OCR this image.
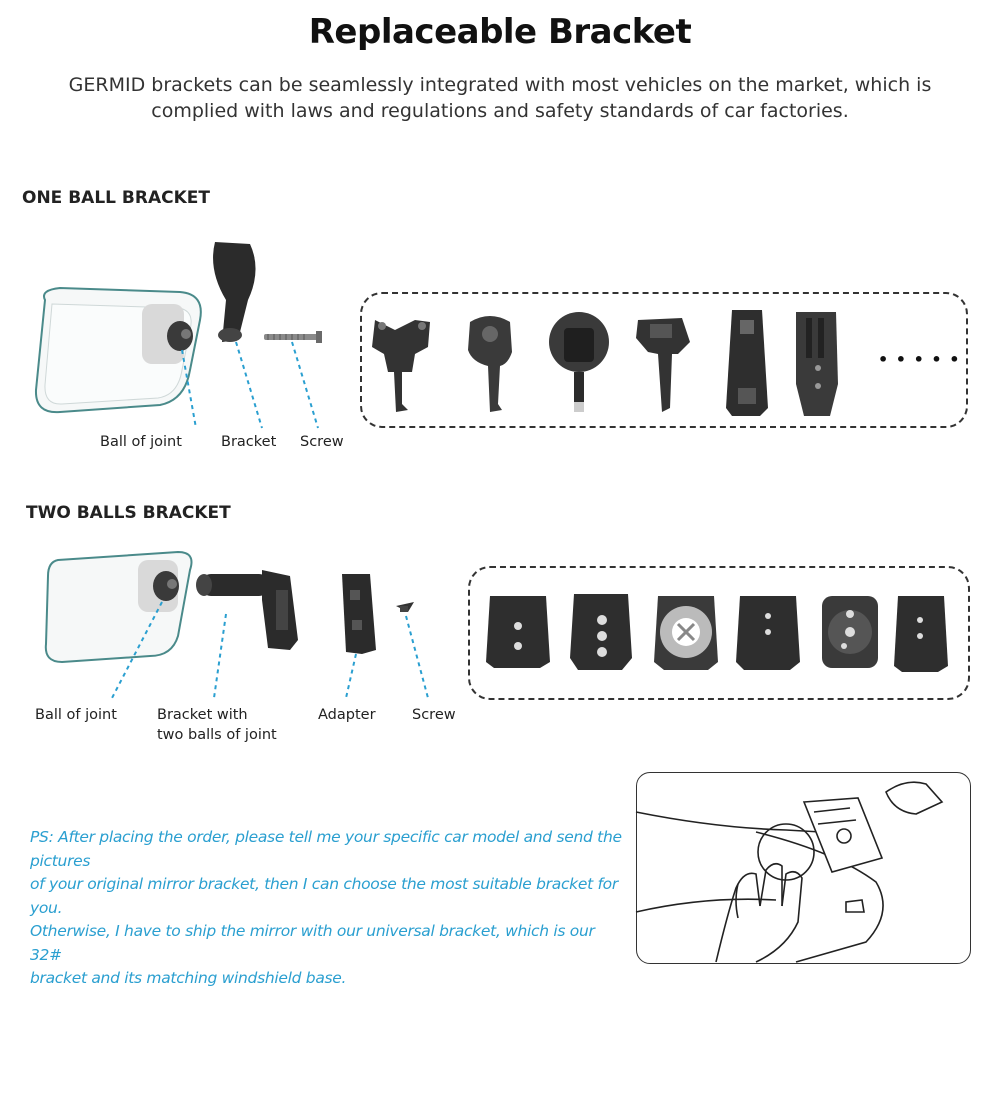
Replaceable Bracket
GERMID brackets can be seamlessly integrated with most vehicles on the market, which is
complied with laws and regulations and safety standards of car factories.
ONE BALL BRACKET
Ball of joint	Bracket Screw
• • • • •
TWO BALLS BRACKET
Ball of joint	Bracket with
two balls of joint
Adapter	Screw
PS: After placing the order, please tell me your specific car model and send the pictures
of your original mirror bracket, then I can choose the most suitable bracket for you.
Otherwise, I have to ship the mirror with our universal bracket, which is our 32#
bracket and its matching windshield base.
